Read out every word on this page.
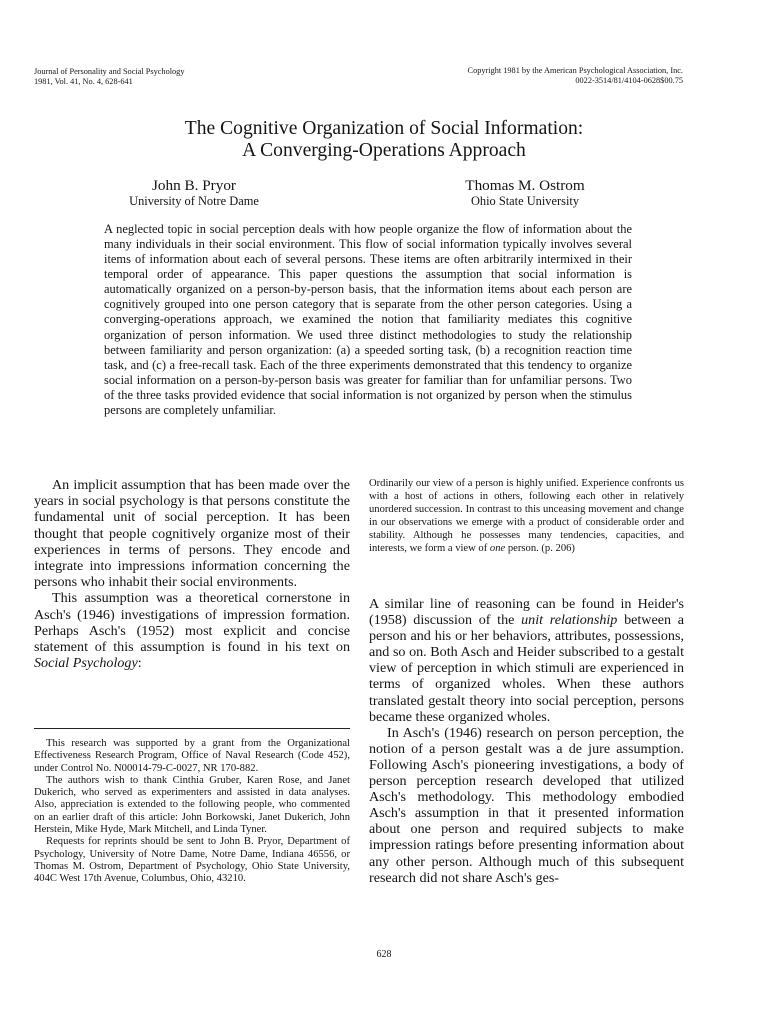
Journal of Personality and Social Psychology
1981, Vol. 41, No. 4, 628-641
Copyright 1981 by the American Psychological Association, Inc.
0022-3514/81/4104-0628$00.75
The Cognitive Organization of Social Information:
A Converging-Operations Approach
John B. Pryor
University of Notre Dame
Thomas M. Ostrom
Ohio State University

A neglected topic in social perception deals with how people organize the flow of information about the many individuals in their social environment. This flow of social information typically involves several items of information about each of several persons. These items are often arbitrarily intermixed in their temporal order of appearance. This paper questions the assumption that social information is automatically organized on a person-by-person basis, that the information items about each person are cognitively grouped into one person category that is separate from the other person categories. Using a converging-operations approach, we examined the notion that familiarity mediates this cognitive organization of person information. We used three distinct methodologies to study the relationship between familiarity and person organization: (a) a speeded sorting task, (b) a recognition reaction time task, and (c) a free-recall task. Each of the three experiments demonstrated that this tendency to organize social information on a person-by-person basis was greater for familiar than for unfamiliar persons. Two of the three tasks provided evidence that social information is not organized by person when the stimulus persons are completely unfamiliar.

An implicit assumption that has been made over the years in social psychology is that persons constitute the fundamental unit of social perception. It has been thought that people cognitively organize most of their experiences in terms of persons. They encode and integrate into impressions information concerning the persons who inhabit their social environments.

This assumption was a theoretical cornerstone in Asch's (1946) investigations of impression formation. Perhaps Asch's (1952) most explicit and concise statement of this assumption is found in his text on Social Psychology:

This research was supported by a grant from the Organizational Effectiveness Research Program, Office of Naval Research (Code 452), under Control No. N00014-79-C-0027, NR 170-882.

The authors wish to thank Cinthia Gruber, Karen Rose, and Janet Dukerich, who served as experimenters and assisted in data analyses. Also, appreciation is extended to the following people, who commented on an earlier draft of this article: John Borkowski, Janet Dukerich, John Herstein, Mike Hyde, Mark Mitchell, and Linda Tyner.

Requests for reprints should be sent to John B. Pryor, Department of Psychology, University of Notre Dame, Notre Dame, Indiana 46556, or Thomas M. Ostrom, Department of Psychology, Ohio State University, 404C West 17th Avenue, Columbus, Ohio, 43210.

Ordinarily our view of a person is highly unified. Experience confronts us with a host of actions in others, following each other in relatively unordered succession. In contrast to this unceasing movement and change in our observations we emerge with a product of considerable order and stability. Although he possesses many tendencies, capacities, and interests, we form a view of one person. (p. 206)

A similar line of reasoning can be found in Heider's (1958) discussion of the unit relationship between a person and his or her behaviors, attributes, possessions, and so on. Both Asch and Heider subscribed to a gestalt view of perception in which stimuli are experienced in terms of organized wholes. When these authors translated gestalt theory into social perception, persons became these organized wholes.

In Asch's (1946) research on person perception, the notion of a person gestalt was a de jure assumption. Following Asch's pioneering investigations, a body of person perception research developed that utilized Asch's methodology. This methodology embodied Asch's assumption in that it presented information about one person and required subjects to make impression ratings before presenting information about any other person. Although much of this subsequent research did not share Asch's ges-

628
